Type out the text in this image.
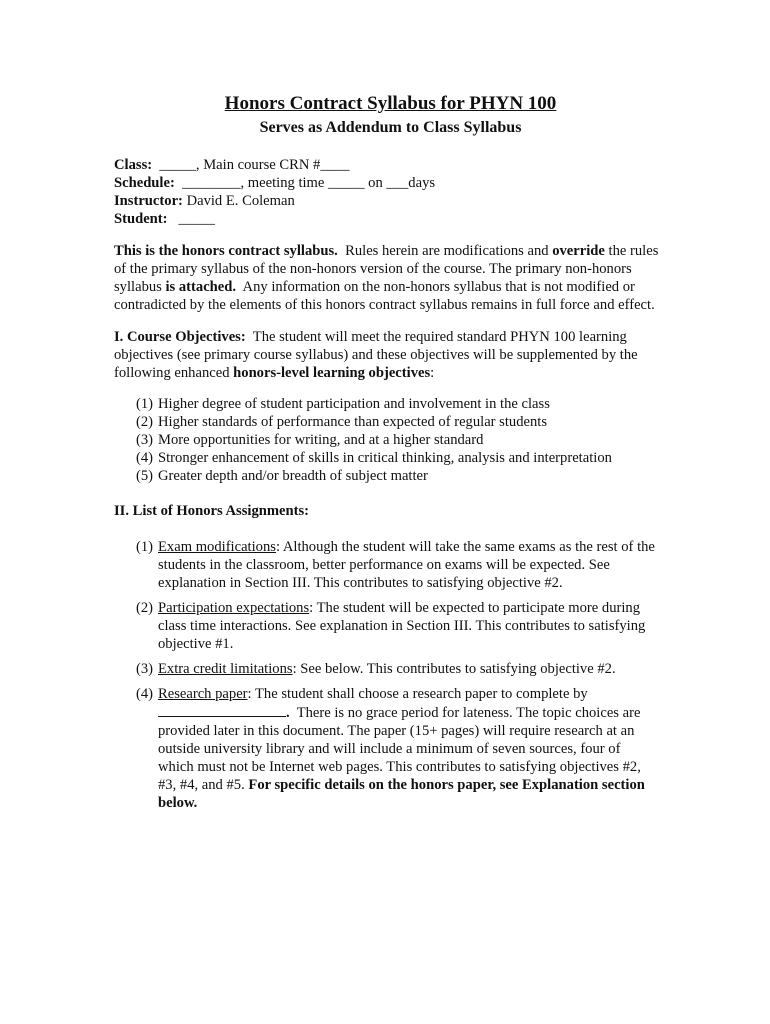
Honors Contract Syllabus for PHYN 100
Serves as Addendum to Class Syllabus
Class: _____, Main course CRN #____
Schedule: ________, meeting time _____ on ___days
Instructor: David E. Coleman
Student: _____
This is the honors contract syllabus. Rules herein are modifications and override the rules of the primary syllabus of the non-honors version of the course. The primary non-honors syllabus is attached. Any information on the non-honors syllabus that is not modified or contradicted by the elements of this honors contract syllabus remains in full force and effect.
I. Course Objectives: The student will meet the required standard PHYN 100 learning objectives (see primary course syllabus) and these objectives will be supplemented by the following enhanced honors-level learning objectives:
(1) Higher degree of student participation and involvement in the class
(2) Higher standards of performance than expected of regular students
(3) More opportunities for writing, and at a higher standard
(4) Stronger enhancement of skills in critical thinking, analysis and interpretation
(5) Greater depth and/or breadth of subject matter
II. List of Honors Assignments:
(1) Exam modifications: Although the student will take the same exams as the rest of the students in the classroom, better performance on exams will be expected. See explanation in Section III. This contributes to satisfying objective #2.
(2) Participation expectations: The student will be expected to participate more during class time interactions. See explanation in Section III. This contributes to satisfying objective #1.
(3) Extra credit limitations: See below. This contributes to satisfying objective #2.
(4) Research paper: The student shall choose a research paper to complete by
. There is no grace period for lateness. The topic choices are provided later in this document. The paper (15+ pages) will require research at an outside university library and will include a minimum of seven sources, four of which must not be Internet web pages. This contributes to satisfying objectives #2, #3, #4, and #5. For specific details on the honors paper, see Explanation section below.
